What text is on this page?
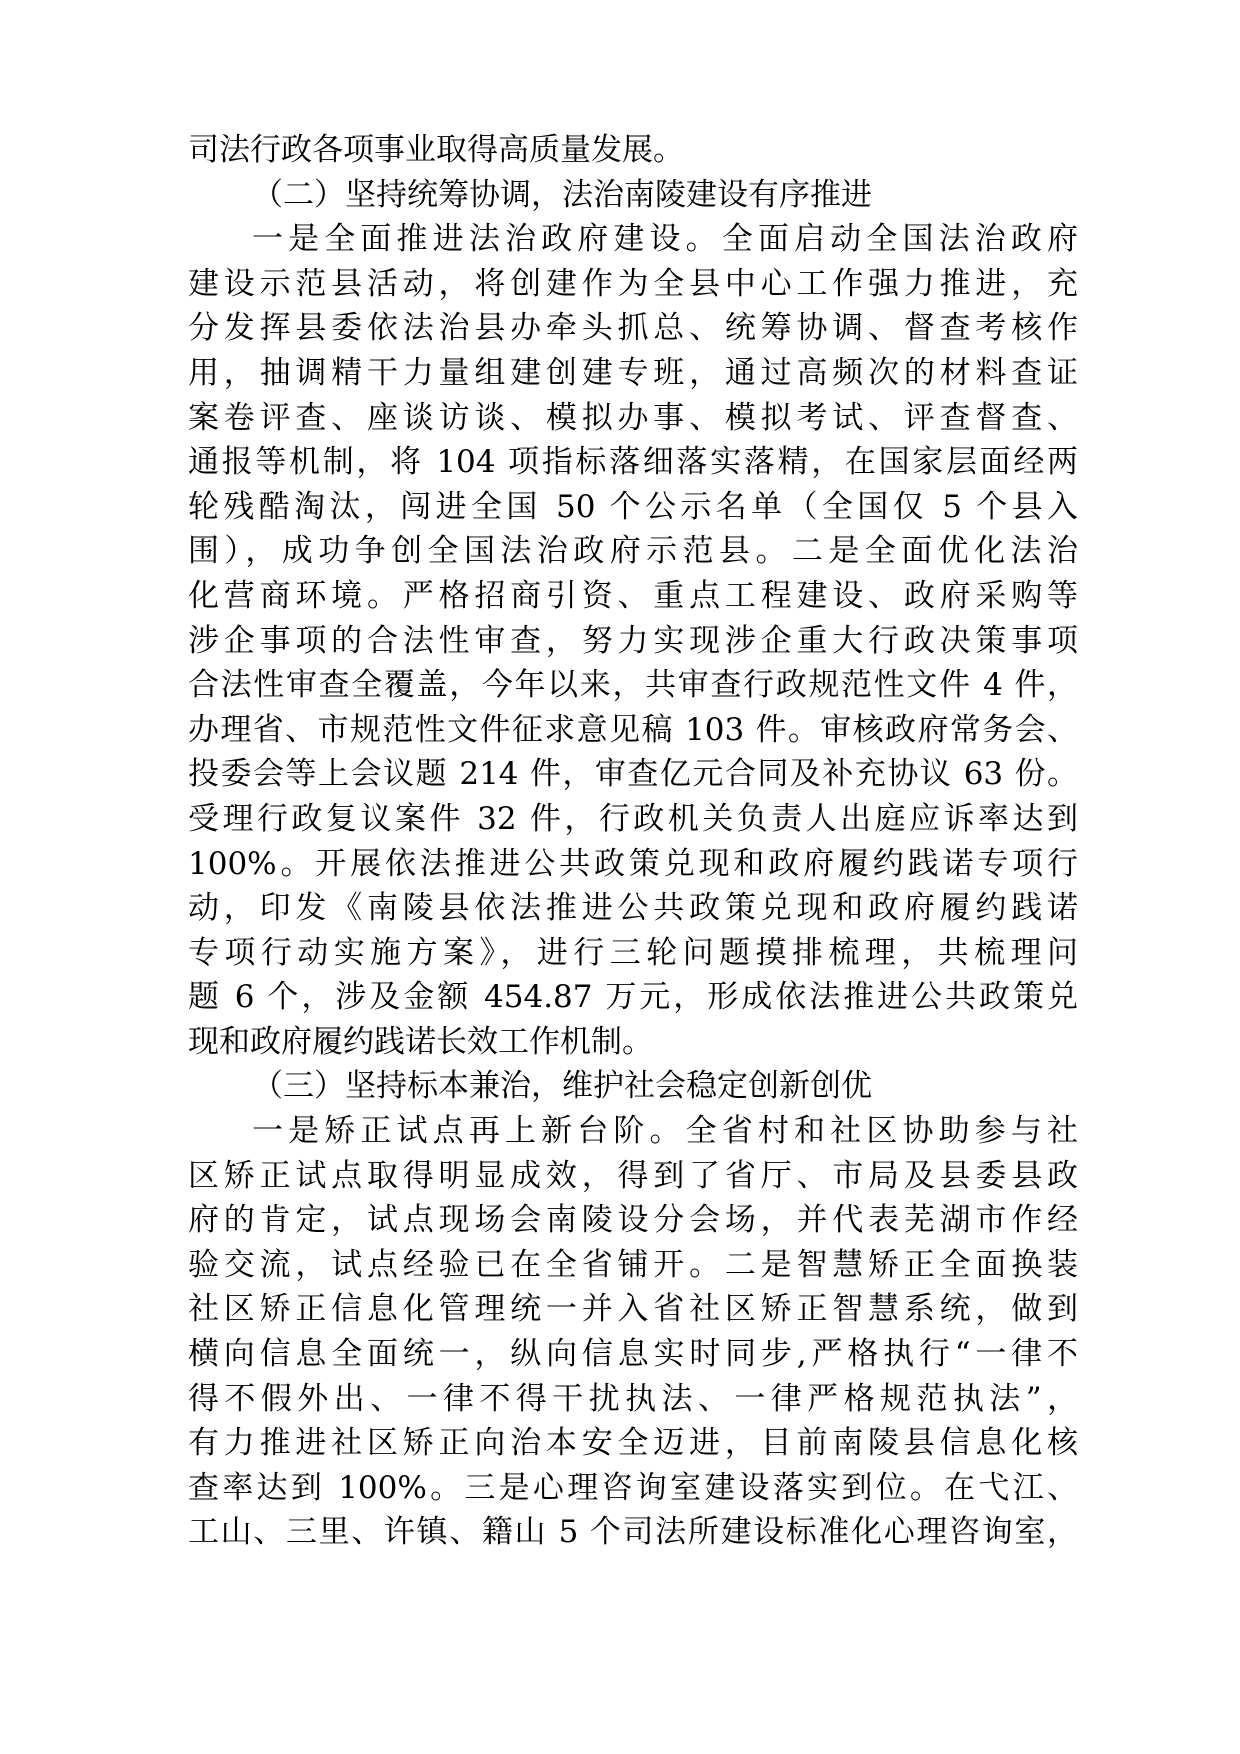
司法行政各项事业取得高质量发展。
（二）坚持统筹协调，法治南陵建设有序推进
一是全面推进法治政府建设。全面启动全国法治政府
建设示范县活动，将创建作为全县中心工作强力推进，充
分发挥县委依法治县办牵头抓总、统筹协调、督查考核作
用，抽调精干力量组建创建专班，通过高频次的材料查证
案卷评查、座谈访谈、模拟办事、模拟考试、评查督查、
通报等机制，将 104 项指标落细落实落精，在国家层面经两
轮残酷淘汰，闯进全国 50 个公示名单（全国仅 5 个县入
围），成功争创全国法治政府示范县。二是全面优化法治
化营商环境。严格招商引资、重点工程建设、政府采购等
涉企事项的合法性审查，努力实现涉企重大行政决策事项
合法性审查全覆盖，今年以来，共审查行政规范性文件 4 件，
办理省、市规范性文件征求意见稿 103 件。审核政府常务会、
投委会等上会议题 214 件，审查亿元合同及补充协议 63 份。
受理行政复议案件 32 件，行政机关负责人出庭应诉率达到
100%。开展依法推进公共政策兑现和政府履约践诺专项行
动，印发《南陵县依法推进公共政策兑现和政府履约践诺
专项行动实施方案》，进行三轮问题摸排梳理，共梳理问
题 6 个，涉及金额 454.87 万元，形成依法推进公共政策兑
现和政府履约践诺长效工作机制。
（三）坚持标本兼治，维护社会稳定创新创优
一是矫正试点再上新台阶。全省村和社区协助参与社
区矫正试点取得明显成效，得到了省厅、市局及县委县政
府的肯定，试点现场会南陵设分会场，并代表芜湖市作经
验交流，试点经验已在全省铺开。二是智慧矫正全面换装
社区矫正信息化管理统一并入省社区矫正智慧系统，做到
横向信息全面统一，纵向信息实时同步,严格执行“一律不
得不假外出、一律不得干扰执法、一律严格规范执法”，
有力推进社区矫正向治本安全迈进，目前南陵县信息化核
查率达到 100%。三是心理咨询室建设落实到位。在弋江、
工山、三里、许镇、籍山 5 个司法所建设标准化心理咨询室，
